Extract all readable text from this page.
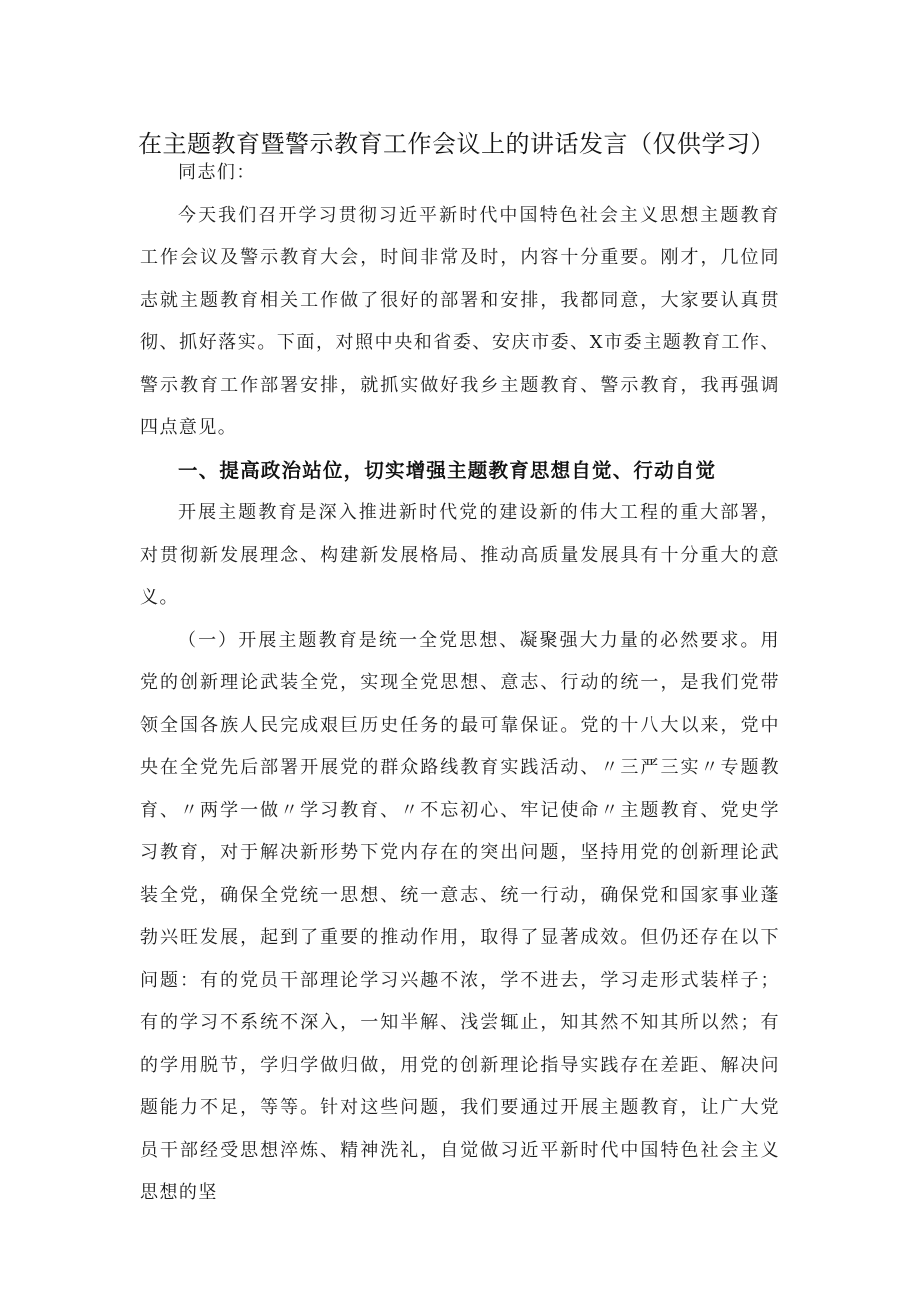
在主题教育暨警示教育工作会议上的讲话发言（仅供学习）

同志们：

今天我们召开学习贯彻习近平新时代中国特色社会主义思想主题教育工作会议及警示教育大会，时间非常及时，内容十分重要。刚才，几位同志就主题教育相关工作做了很好的部署和安排，我都同意，大家要认真贯彻、抓好落实。下面，对照中央和省委、安庆市委、X市委主题教育工作、警示教育工作部署安排，就抓实做好我乡主题教育、警示教育，我再强调四点意见。

一、提高政治站位，切实增强主题教育思想自觉、行动自觉

开展主题教育是深入推进新时代党的建设新的伟大工程的重大部署，对贯彻新发展理念、构建新发展格局、推动高质量发展具有十分重大的意义。

（一）开展主题教育是统一全党思想、凝聚强大力量的必然要求。用党的创新理论武装全党，实现全党思想、意志、行动的统一，是我们党带领全国各族人民完成艰巨历史任务的最可靠保证。党的十八大以来，党中央在全党先后部署开展党的群众路线教育实践活动、〃三严三实〃专题教育、〃两学一做〃学习教育、〃不忘初心、牢记使命〃主题教育、党史学习教育，对于解决新形势下党内存在的突出问题，坚持用党的创新理论武装全党，确保全党统一思想、统一意志、统一行动，确保党和国家事业蓬勃兴旺发展，起到了重要的推动作用，取得了显著成效。但仍还存在以下问题：有的党员干部理论学习兴趣不浓，学不进去，学习走形式装样子；有的学习不系统不深入，一知半解、浅尝辄止，知其然不知其所以然；有的学用脱节，学归学做归做，用党的创新理论指导实践存在差距、解决问题能力不足，等等。针对这些问题，我们要通过开展主题教育，让广大党员干部经受思想淬炼、精神洗礼，自觉做习近平新时代中国特色社会主义思想的坚
